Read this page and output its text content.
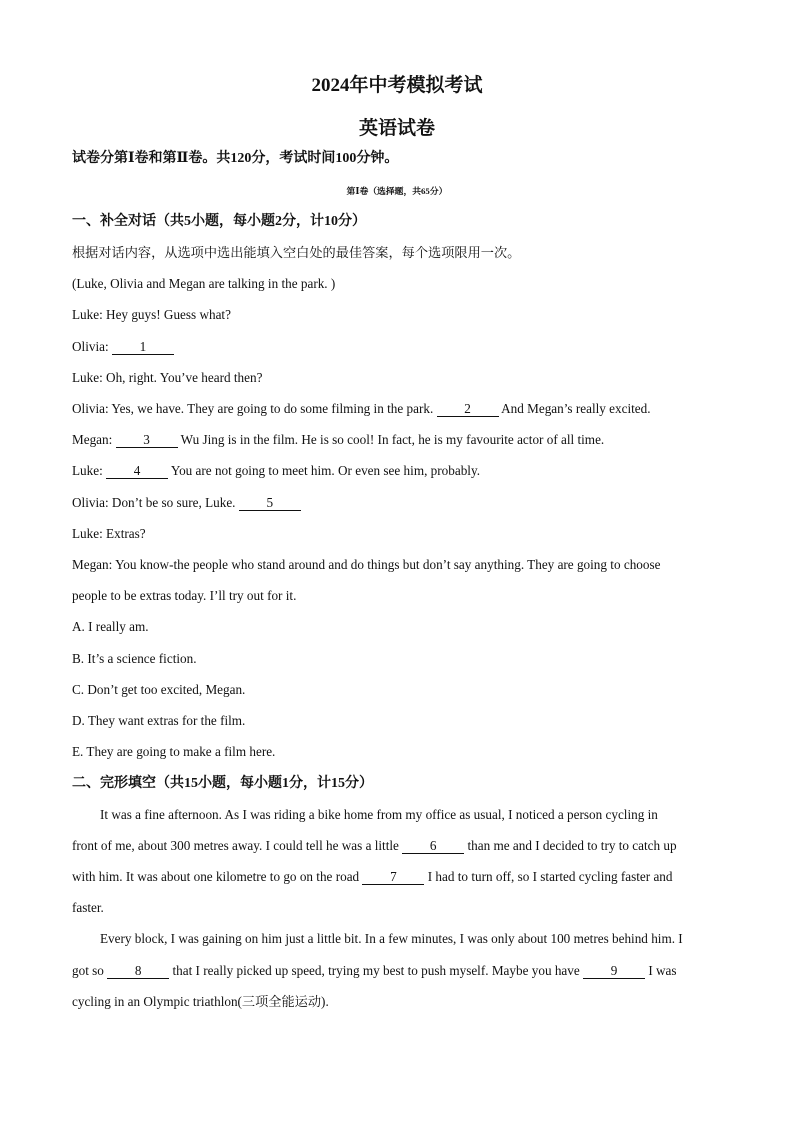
2024年中考模拟考试
英语试卷
试卷分第Ⅰ卷和第Ⅱ卷。共120分，考试时间100分钟。
第Ⅰ卷（选择题，共65分）
一、补全对话（共5小题，每小题2分，计10分）
根据对话内容，从选项中选出能填入空白处的最佳答案，每个选项限用一次。
(Luke, Olivia and Megan are talking in the park. )
Luke: Hey guys! Guess what?
Olivia: 1
Luke: Oh, right. You’ve heard then?
Olivia: Yes, we have. They are going to do some filming in the park. 2 And Megan’s really excited.
Megan: 3 Wu Jing is in the film. He is so cool! In fact, he is my favourite actor of all time.
Luke: 4 You are not going to meet him. Or even see him, probably.
Olivia: Don’t be so sure, Luke. 5
Luke: Extras?
Megan: You know-the people who stand around and do things but don’t say anything. They are going to choose
people to be extras today. I’ll try out for it.
A. I really am.
B. It’s a science fiction.
C. Don’t get too excited, Megan.
D. They want extras for the film.
E. They are going to make a film here.
二、完形填空（共15小题，每小题1分，计15分）
It was a fine afternoon. As I was riding a bike home from my office as usual, I noticed a person cycling in
front of me, about 300 metres away. I could tell he was a little 6 than me and I decided to try to catch up
with him. It was about one kilometre to go on the road 7 I had to turn off, so I started cycling faster and
faster.
Every block, I was gaining on him just a little bit. In a few minutes, I was only about 100 metres behind him. I
got so 8 that I really picked up speed, trying my best to push myself. Maybe you have 9 I was
cycling in an Olympic triathlon(三项全能运动).
